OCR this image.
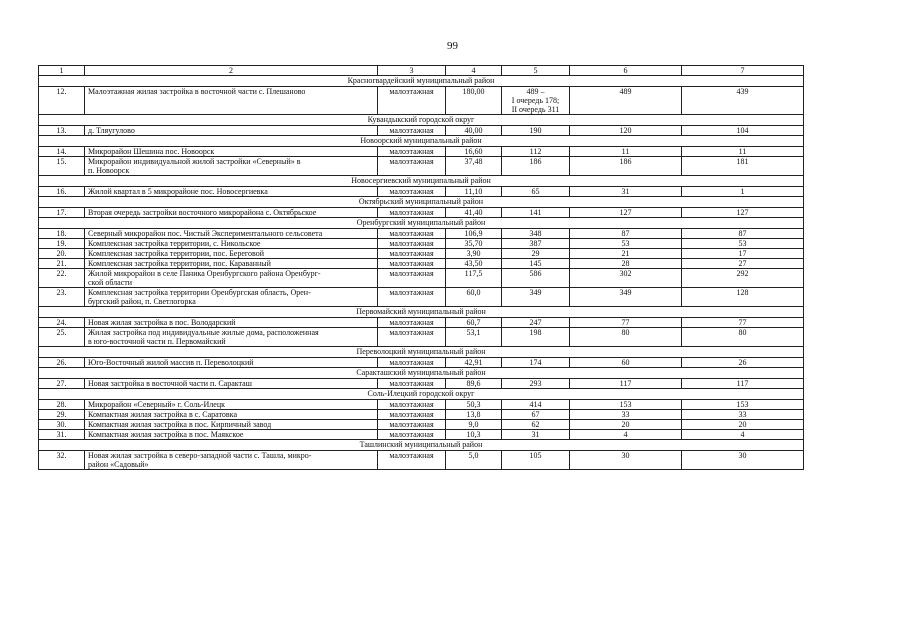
99
1	2	3	4	5	6	7
Красногвардейский муниципальный район						
12.	Малоэтажная жилая застройка в восточной части с. Плешаново	малоэтажная	180,00	489 –
I очередь 178;
II очередь 311	489	439
Кувандыкский городской округ						
13.	д. Тляугулово	малоэтажная	40,00	190	120	104
Новоорский муниципальный район						
14.	Микрорайон Шешина пос. Новоорск	малоэтажная	16,60	112	11	11
15.	Микрорайон индивидуальной жилой застройки «Северный» в
п. Новоорск	малоэтажная	37,48	186	186	181
Новосергиевский муниципальный район						
16.	Жилой квартал в 5 микрорайоне пос. Новосергиевка	малоэтажная	11,10	65	31	1
Октябрьский муниципальный район						
17.	Вторая очередь застройки восточного микрорайона с. Октябрьское	малоэтажная	41,40	141	127	127
Оренбургский муниципальный район						
18.	Северный микрорайон пос. Чистый Экспериментального сельсовета	малоэтажная	106,9	348	87	87
19.	Комплексная застройка территории, с. Никольское	малоэтажная	35,70	387	53	53
20.	Комплексная застройка территории, пос. Береговой	малоэтажная	3,90	29	21	17
21.	Комплексная застройка территории, пос. Караванный	малоэтажная	43,50	145	28	27
22.	Жилой микрорайон в селе Паника Оренбургского района Оренбург-
ской области	малоэтажная	117,5	586	302	292
23.	Комплексная застройка территории Оренбургская область, Орен-
бургский район, п. Светлогорка	малоэтажная	60,0	349	349	128
Первомайский муниципальный район						
24.	Новая жилая застройка в пос. Володарский	малоэтажная	60,7	247	77	77
25.	Жилая застройка под индивидуальные жилые дома, расположенная
в юго-восточной части п. Первомайский	малоэтажная	53,1	198	80	80
Переволоцкий муниципальный район						
26.	Юго-Восточный жилой массив п. Переволоцкий	малоэтажная	42,91	174	60	26
Саракташский муниципальный район						
27.	Новая застройка в восточной части п. Саракташ	малоэтажная	89,6	293	117	117
Соль-Илецкий городской округ						
28.	Микрорайон «Северный» г. Соль-Илецк	малоэтажная	50,3	414	153	153
29.	Компактная жилая застройка в с. Саратовка	малоэтажная	13,8	67	33	33
30.	Компактная жилая застройка в пос. Кирпичный завод	малоэтажная	9,0	62	20	20
31.	Компактная жилая застройка в пос. Маякское	малоэтажная	10,3	31	4	4
Ташлинский муниципальный район						
32.	Новая жилая застройка в северо-западной части с. Ташла, микро-
район «Садовый»	малоэтажная	5,0	105	30	30
